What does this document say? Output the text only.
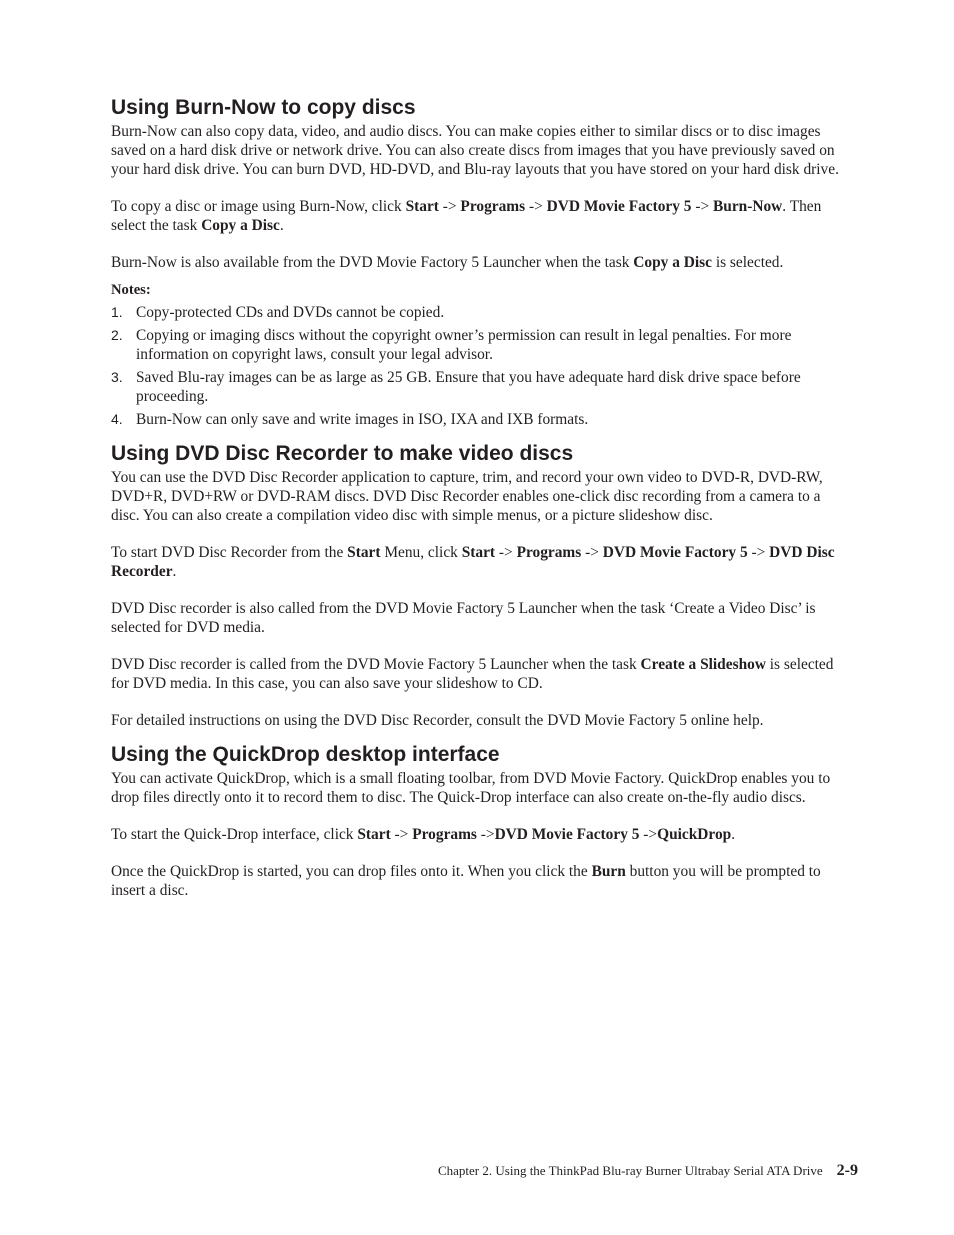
Using Burn-Now to copy discs

Burn-Now can also copy data, video, and audio discs. You can make copies either to similar discs or to disc images saved on a hard disk drive or network drive. You can also create discs from images that you have previously saved on your hard disk drive. You can burn DVD, HD-DVD, and Blu-ray layouts that you have stored on your hard disk drive.

To copy a disc or image using Burn-Now, click Start -> Programs -> DVD Movie Factory 5 -> Burn-Now. Then select the task Copy a Disc.

Burn-Now is also available from the DVD Movie Factory 5 Launcher when the task Copy a Disc is selected.

Notes:
1. Copy-protected CDs and DVDs cannot be copied.
2. Copying or imaging discs without the copyright owner’s permission can result in legal penalties. For more information on copyright laws, consult your legal advisor.
3. Saved Blu-ray images can be as large as 25 GB. Ensure that you have adequate hard disk drive space before proceeding.
4. Burn-Now can only save and write images in ISO, IXA and IXB formats.
Using DVD Disc Recorder to make video discs

You can use the DVD Disc Recorder application to capture, trim, and record your own video to DVD-R, DVD-RW, DVD+R, DVD+RW or DVD-RAM discs. DVD Disc Recorder enables one-click disc recording from a camera to a disc. You can also create a compilation video disc with simple menus, or a picture slideshow disc.

To start DVD Disc Recorder from the Start Menu, click Start -> Programs -> DVD Movie Factory 5 -> DVD Disc Recorder.

DVD Disc recorder is also called from the DVD Movie Factory 5 Launcher when the task ‘Create a Video Disc’ is selected for DVD media.

DVD Disc recorder is called from the DVD Movie Factory 5 Launcher when the task Create a Slideshow is selected for DVD media. In this case, you can also save your slideshow to CD.

For detailed instructions on using the DVD Disc Recorder, consult the DVD Movie Factory 5 online help.

Using the QuickDrop desktop interface

You can activate QuickDrop, which is a small floating toolbar, from DVD Movie Factory. QuickDrop enables you to drop files directly onto it to record them to disc. The Quick-Drop interface can also create on-the-fly audio discs.

To start the Quick-Drop interface, click Start -> Programs ->DVD Movie Factory 5 ->QuickDrop.

Once the QuickDrop is started, you can drop files onto it. When you click the Burn button you will be prompted to insert a disc.

Chapter 2. Using the ThinkPad Blu-ray Burner Ultrabay Serial ATA Drive 2-9
